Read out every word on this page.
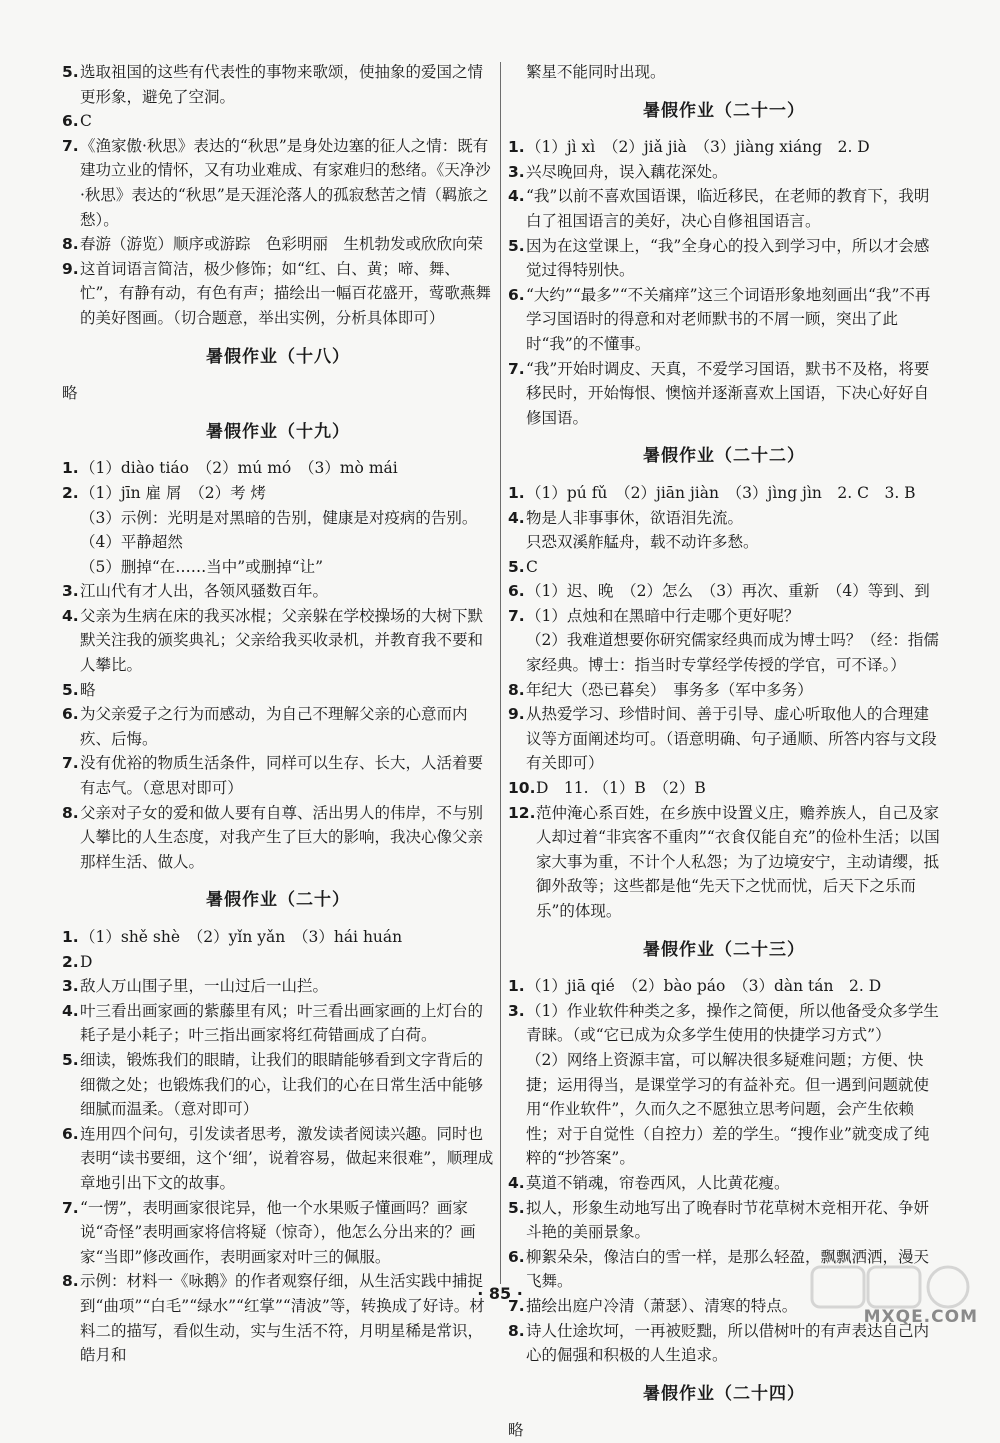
5. 选取祖国的这些有代表性的事物来歌颂，使抽象的爱国之情更形象，避免了空洞。
6. C
7. 《渔家傲·秋思》表达的“秋思”是身处边塞的征人之情：既有建功立业的情怀，又有功业难成、有家难归的愁绪。《天净沙·秋思》表达的“秋思”是天涯沦落人的孤寂愁苦之情（羁旅之愁）。
8. 春游（游览）顺序或游踪　色彩明丽　生机勃发或欣欣向荣
9. 这首词语言简洁，极少修饰；如“红、白、黄；啼、舞、忙”，有静有动，有色有声；描绘出一幅百花盛开，莺歌燕舞的美好图画。（切合题意，举出实例，分析具体即可）
暑假作业（十八）
略
暑假作业（十九）
1. （1）diào tiáo　（2）mú mó　（3）mò mái
2. （1）jīn 雇 屑　（2）考 烤
（3）示例：光明是对黑暗的告别，健康是对疫病的告别。
（4）平静超然
（5）删掉“在……当中”或删掉“让”
3. 江山代有才人出，各领风骚数百年。
4. 父亲为生病在床的我买冰棍；父亲躲在学校操场的大树下默默关注我的颁奖典礼；父亲给我买收录机，并教育我不要和人攀比。
5. 略
6. 为父亲爱子之行为而感动，为自己不理解父亲的心意而内疚、后悔。
7. 没有优裕的物质生活条件，同样可以生存、长大，人活着要有志气。（意思对即可）
8. 父亲对子女的爱和做人要有自尊、活出男人的伟岸，不与别人攀比的人生态度，对我产生了巨大的影响，我决心像父亲那样生活、做人。
暑假作业（二十）
1. （1）shě shè　（2）yǐn yǎn　（3）hái huán
2. D
3. 敌人万山围子里，一山过后一山拦。
4. 叶三看出画家画的紫藤里有风；叶三看出画家画的上灯台的耗子是小耗子；叶三指出画家将红荷错画成了白荷。
5. 细读，锻炼我们的眼睛，让我们的眼睛能够看到文字背后的细微之处；也锻炼我们的心，让我们的心在日常生活中能够细腻而温柔。（意对即可）
6. 连用四个问句，引发读者思考，激发读者阅读兴趣。同时也表明“读书要细，这个‘细’，说着容易，做起来很难”，顺理成章地引出下文的故事。
7. “一愣”，表明画家很诧异，他一个水果贩子懂画吗？画家说“奇怪”表明画家将信将疑（惊奇），他怎么分出来的？画家“当即”修改画作，表明画家对叶三的佩服。
8. 示例：材料一《咏鹅》的作者观察仔细，从生活实践中捕捉到“曲项”“白毛”“绿水”“红掌”“清波”等，转换成了好诗。材料二的描写，看似生动，实与生活不符，月明星稀是常识，皓月和
繁星不能同时出现。
暑假作业（二十一）
1. （1）jì xì　（2）jiǎ jià　（3）jiàng xiáng　2. D
3. 兴尽晚回舟，误入藕花深处。
4. “我”以前不喜欢国语课，临近移民，在老师的教育下，我明白了祖国语言的美好，决心自修祖国语言。
5. 因为在这堂课上，“我”全身心的投入到学习中，所以才会感觉过得特别快。
6. “大约”“最多”“不关痛痒”这三个词语形象地刻画出“我”不再学习国语时的得意和对老师默书的不屑一顾，突出了此时“我”的不懂事。
7. “我”开始时调皮、天真，不爱学习国语，默书不及格，将要移民时，开始悔恨、懊恼并逐渐喜欢上国语，下决心好好自修国语。
暑假作业（二十二）
1. （1）pú fǔ　（2）jiān jiàn　（3）jìng jìn　2. C　3. B
4. 物是人非事事休，欲语泪先流。
只恐双溪舴艋舟，载不动许多愁。
5. C
6. （1）迟、晚　（2）怎么　（3）再次、重新　（4）等到、到
7. （1）点烛和在黑暗中行走哪个更好呢？
（2）我难道想要你研究儒家经典而成为博士吗？（经：指儒家经典。博士：指当时专掌经学传授的学官，可不译。）
8. 年纪大（恐已暮矣）　事务多（军中多务）
9. 从热爱学习、珍惜时间、善于引导、虚心听取他人的合理建议等方面阐述均可。（语意明确、句子通顺、所答内容与文段有关即可）
10. D　11. （1）B　（2）B
12. 范仲淹心系百姓，在乡族中设置义庄，赡养族人，自己及家人却过着“非宾客不重肉”“衣食仅能自充”的俭朴生活；以国家大事为重，不计个人私怨；为了边境安宁，主动请缨，抵御外敌等；这些都是他“先天下之忧而忧，后天下之乐而乐”的体现。
暑假作业（二十三）
1. （1）jiā qié　（2）bào páo　（3）dàn tán　2. D
3. （1）作业软件种类之多，操作之简便，所以他备受众多学生青睐。（或“它已成为众多学生使用的快捷学习方式”）
（2）网络上资源丰富，可以解决很多疑难问题；方便、快捷；运用得当，是课堂学习的有益补充。但一遇到问题就使用“作业软件”，久而久之不愿独立思考问题，会产生依赖性；对于自觉性（自控力）差的学生。“搜作业”就变成了纯粹的“抄答案”。
4. 莫道不销魂，帘卷西风，人比黄花瘦。
5. 拟人，形象生动地写出了晚春时节花草树木竞相开花、争妍斗艳的美丽景象。
6. 柳絮朵朵，像洁白的雪一样，是那么轻盈，飘飘洒洒，漫天飞舞。
7. 描绘出庭户冷清（萧瑟）、清寒的特点。
8. 诗人仕途坎坷，一再被贬黜，所以借树叶的有声表达自己内心的倔强和积极的人生追求。
暑假作业（二十四）
略
· 85 ·
MXQE.COM
